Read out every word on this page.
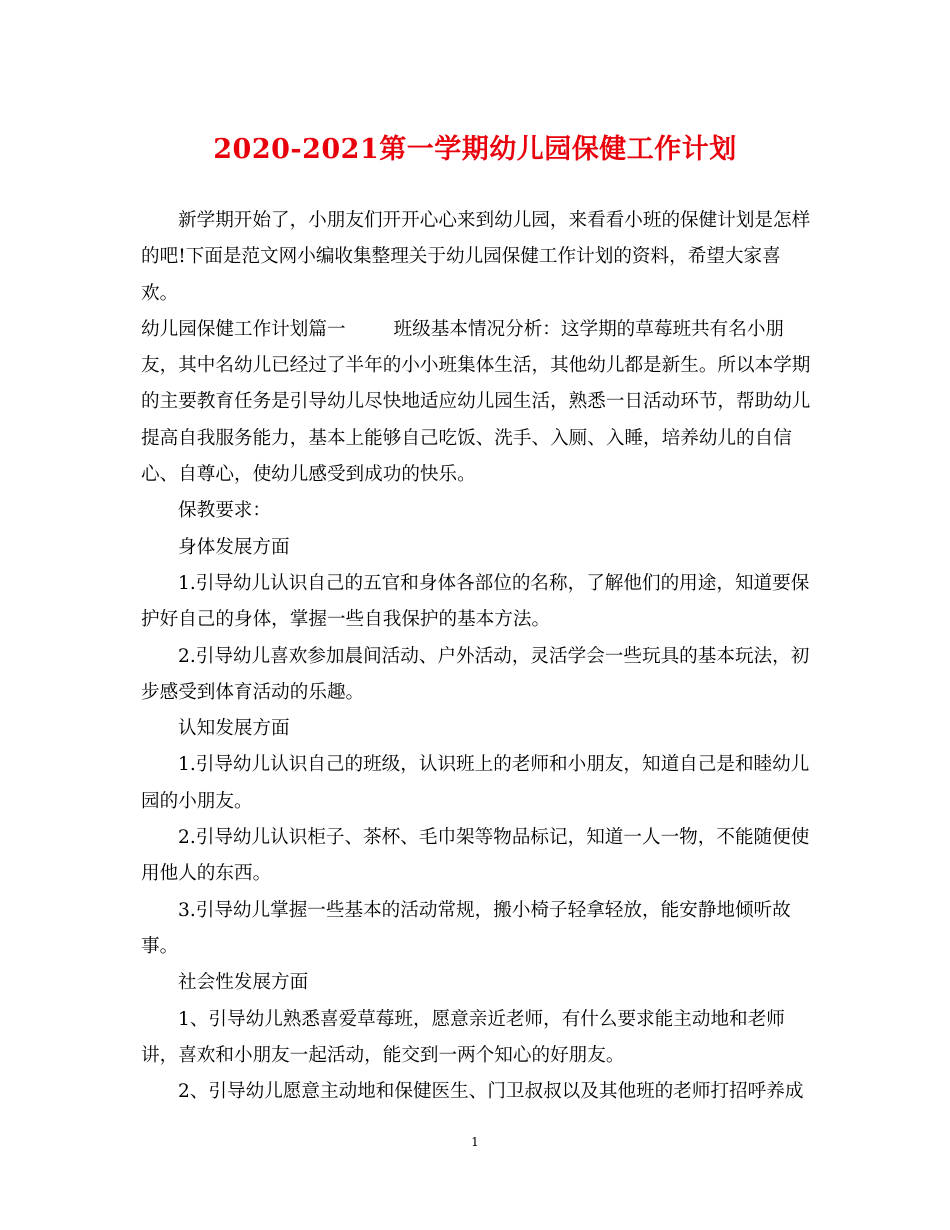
2020-2021第一学期幼儿园保健工作计划

新学期开始了，小朋友们开开心心来到幼儿园，来看看小班的保健计划是怎样的吧!下面是范文网小编收集整理关于幼儿园保健工作计划的资料，希望大家喜欢。

幼儿园保健工作计划篇一	班级基本情况分析：这学期的草莓班共有名小朋友，其中名幼儿已经过了半年的小小班集体生活，其他幼儿都是新生。所以本学期的主要教育任务是引导幼儿尽快地适应幼儿园生活，熟悉一日活动环节，帮助幼儿提高自我服务能力，基本上能够自己吃饭、洗手、入厕、入睡，培养幼儿的自信心、自尊心，使幼儿感受到成功的快乐。

保教要求：

身体发展方面

1.引导幼儿认识自己的五官和身体各部位的名称，了解他们的用途，知道要保护好自己的身体，掌握一些自我保护的基本方法。

2.引导幼儿喜欢参加晨间活动、户外活动，灵活学会一些玩具的基本玩法，初步感受到体育活动的乐趣。

认知发展方面

1.引导幼儿认识自己的班级，认识班上的老师和小朋友，知道自己是和睦幼儿园的小朋友。

2.引导幼儿认识柜子、茶杯、毛巾架等物品标记，知道一人一物，不能随便使用他人的东西。

3.引导幼儿掌握一些基本的活动常规，搬小椅子轻拿轻放，能安静地倾听故事。

社会性发展方面

1、引导幼儿熟悉喜爱草莓班，愿意亲近老师，有什么要求能主动地和老师讲，喜欢和小朋友一起活动，能交到一两个知心的好朋友。

2、引导幼儿愿意主动地和保健医生、门卫叔叔以及其他班的老师打招呼养成

1
